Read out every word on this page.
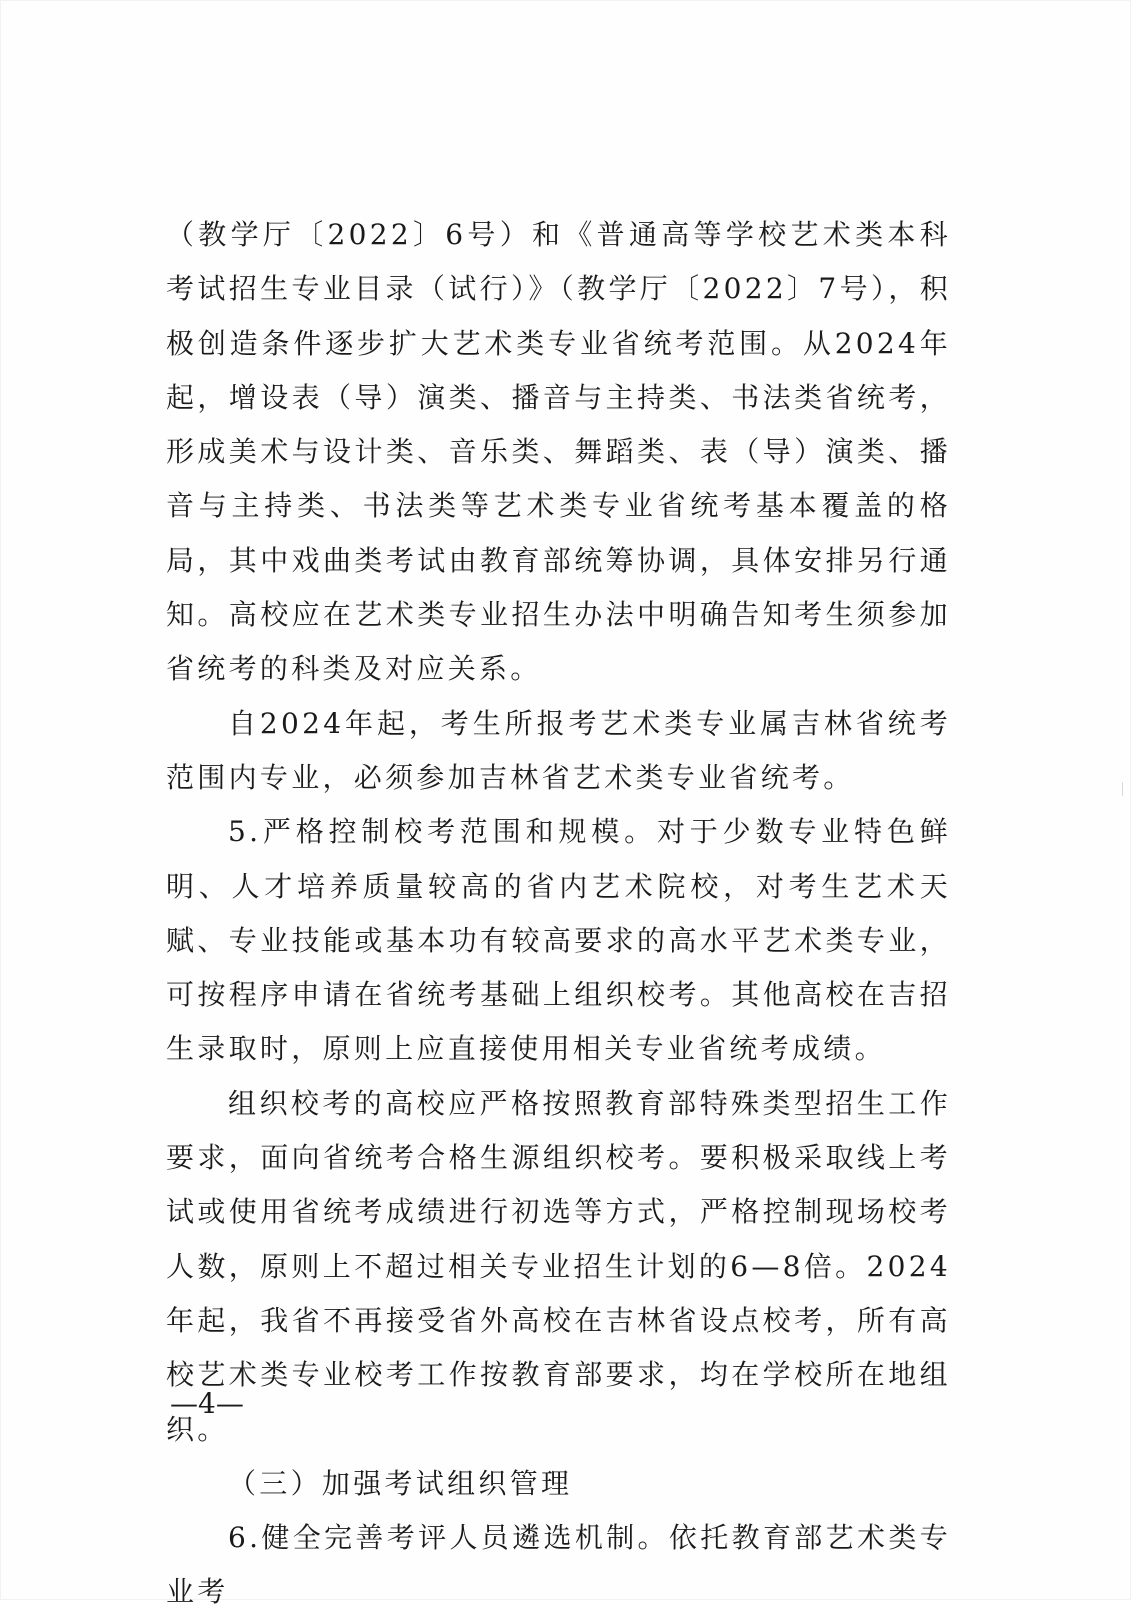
（教学厅〔2022〕6号）和《普通高等学校艺术类本科考试招生专业目录（试行）》（教学厅〔2022〕7号），积极创造条件逐步扩大艺术类专业省统考范围。从2024年起，增设表（导）演类、播音与主持类、书法类省统考，形成美术与设计类、音乐类、舞蹈类、表（导）演类、播音与主持类、书法类等艺术类专业省统考基本覆盖的格局，其中戏曲类考试由教育部统筹协调，具体安排另行通知。高校应在艺术类专业招生办法中明确告知考生须参加省统考的科类及对应关系。

自2024年起，考生所报考艺术类专业属吉林省统考范围内专业，必须参加吉林省艺术类专业省统考。

5.严格控制校考范围和规模。对于少数专业特色鲜明、人才培养质量较高的省内艺术院校，对考生艺术天赋、专业技能或基本功有较高要求的高水平艺术类专业，可按程序申请在省统考基础上组织校考。其他高校在吉招生录取时，原则上应直接使用相关专业省统考成绩。

组织校考的高校应严格按照教育部特殊类型招生工作要求，面向省统考合格生源组织校考。要积极采取线上考试或使用省统考成绩进行初选等方式，严格控制现场校考人数，原则上不超过相关专业招生计划的6—8倍。2024年起，我省不再接受省外高校在吉林省设点校考，所有高校艺术类专业校考工作按教育部要求，均在学校所在地组织。

（三）加强考试组织管理

6.健全完善考评人员遴选机制。依托教育部艺术类专业考

—4—
